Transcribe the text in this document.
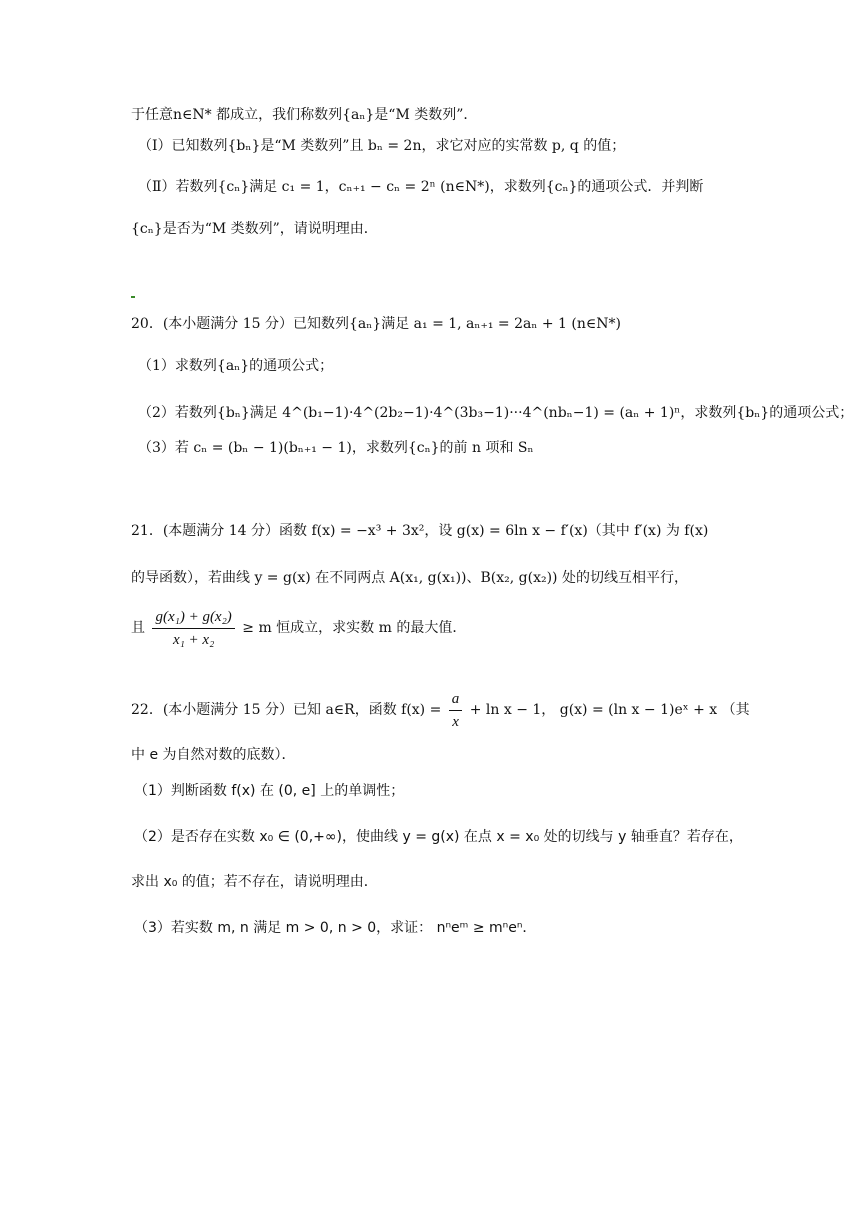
于任意n∈N* 都成立，我们称数列{aₙ}是“M 类数列”．
（Ⅰ）已知数列{bₙ}是“M 类数列”且 bₙ = 2n，求它对应的实常数 p, q 的值；
（Ⅱ）若数列{cₙ}满足 c₁ = 1，cₙ₊₁ − cₙ = 2ⁿ (n∈N*)，求数列{cₙ}的通项公式．并判断
{cₙ}是否为“M 类数列”，请说明理由．
20．(本小题满分 15 分）已知数列{aₙ}满足 a₁ = 1, aₙ₊₁ = 2aₙ + 1 (n∈N*)
（1）求数列{aₙ}的通项公式；
（2）若数列{bₙ}满足 4^(b₁−1)·4^(2b₂−1)·4^(3b₃−1)···4^(nbₙ−1) = (aₙ + 1)ⁿ，求数列{bₙ}的通项公式；
（3）若 cₙ = (bₙ − 1)(bₙ₊₁ − 1)，求数列{cₙ}的前 n 项和 Sₙ
21．(本题满分 14 分）函数 f(x) = −x³ + 3x²，设 g(x) = 6ln x − f′(x)（其中 f′(x) 为 f(x)
的导函数），若曲线 y = g(x) 在不同两点 A(x₁, g(x₁))、B(x₂, g(x₂)) 处的切线互相平行，
且 $\frac{\text{g(x₁) + g(x₂)}}{\text{x₁ + x₂}} \ge m$ 恒成立，求实数 m 的最大值．
22．(本小题满分 15 分）已知 a∈R，函数 $f(x) = \frac{a}{x} + \ln x - 1$， g(x) = (ln x − 1)eˣ + x （其
中 e 为自然对数的底数）．
（1）判断函数 f(x) 在 (0, e] 上的单调性；
（2）是否存在实数 x₀ ∈ (0,+∞)，使曲线 y = g(x) 在点 x = x₀ 处的切线与 y 轴垂直？若存在，
求出 x₀ 的值；若不存在，请说明理由．
（3）若实数 m, n 满足 m > 0, n > 0，求证： nⁿeᵐ ≥ mⁿeⁿ．
